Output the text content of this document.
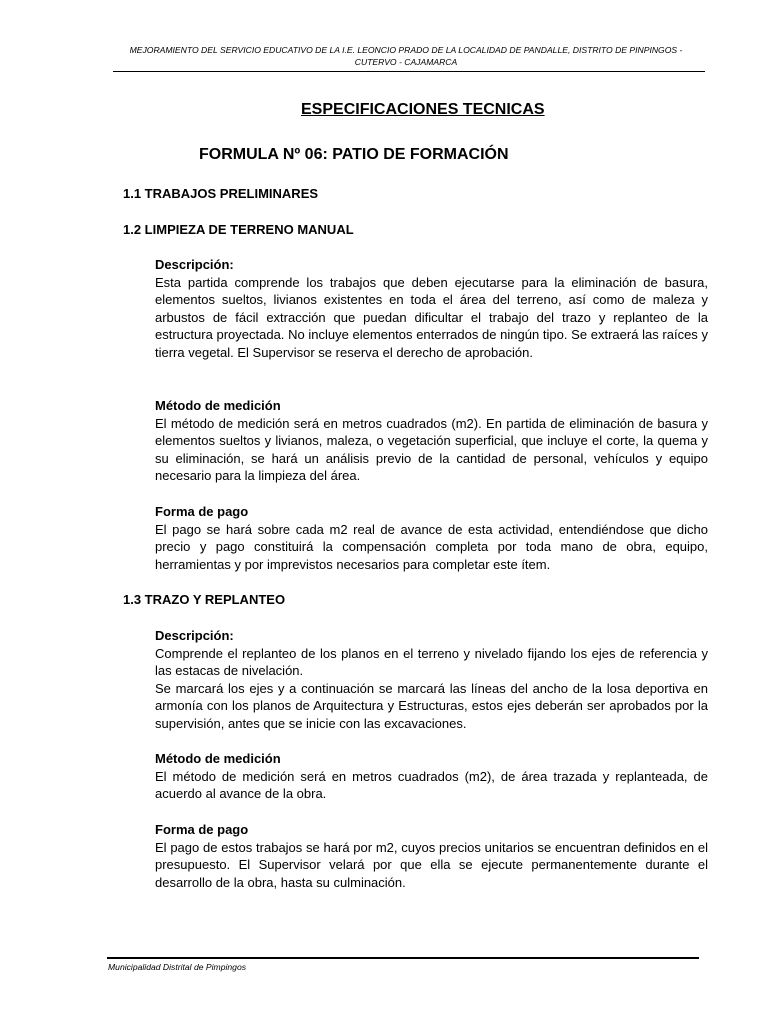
MEJORAMIENTO DEL SERVICIO EDUCATIVO DE LA I.E. LEONCIO PRADO DE LA LOCALIDAD DE PANDALLE, DISTRITO DE PINPINGOS - CUTERVO - CAJAMARCA
ESPECIFICACIONES TECNICAS
FORMULA Nº 06: PATIO DE FORMACIÓN
1.1 TRABAJOS PRELIMINARES
1.2 LIMPIEZA DE TERRENO MANUAL
Descripción:

Esta partida comprende los trabajos que deben ejecutarse para la eliminación de basura, elementos sueltos, livianos existentes en toda el área del terreno, así como de maleza y arbustos de fácil extracción que puedan dificultar el trabajo del trazo y replanteo de la estructura proyectada. No incluye elementos enterrados de ningún tipo. Se extraerá las raíces y tierra vegetal. El Supervisor se reserva el derecho de aprobación.

Método de medición

El método de medición será en metros cuadrados (m2). En partida de eliminación de basura y elementos sueltos y livianos, maleza, o vegetación superficial, que incluye el corte, la quema y su eliminación, se hará un análisis previo de la cantidad de personal, vehículos y equipo necesario para la limpieza del área.

Forma de pago

El pago se hará sobre cada m2 real de avance de esta actividad, entendiéndose que dicho precio y pago constituirá la compensación completa por toda mano de obra, equipo, herramientas y por imprevistos necesarios para completar este ítem.

1.3 TRAZO Y REPLANTEO
Descripción:

Comprende el replanteo de los planos en el terreno y nivelado fijando los ejes de referencia y las estacas de nivelación.

Se marcará los ejes y a continuación se marcará las líneas del ancho de la losa deportiva en armonía con los planos de Arquitectura y Estructuras, estos ejes deberán ser aprobados por la supervisión, antes que se inicie con las excavaciones.

Método de medición

El método de medición será en metros cuadrados (m2), de área trazada y replanteada, de acuerdo al avance de la obra.

Forma de pago

El pago de estos trabajos se hará por m2, cuyos precios unitarios se encuentran definidos en el presupuesto. El Supervisor velará por que ella se ejecute permanentemente durante el desarrollo de la obra, hasta su culminación.

Municipalidad Distrital de Pimpingos
